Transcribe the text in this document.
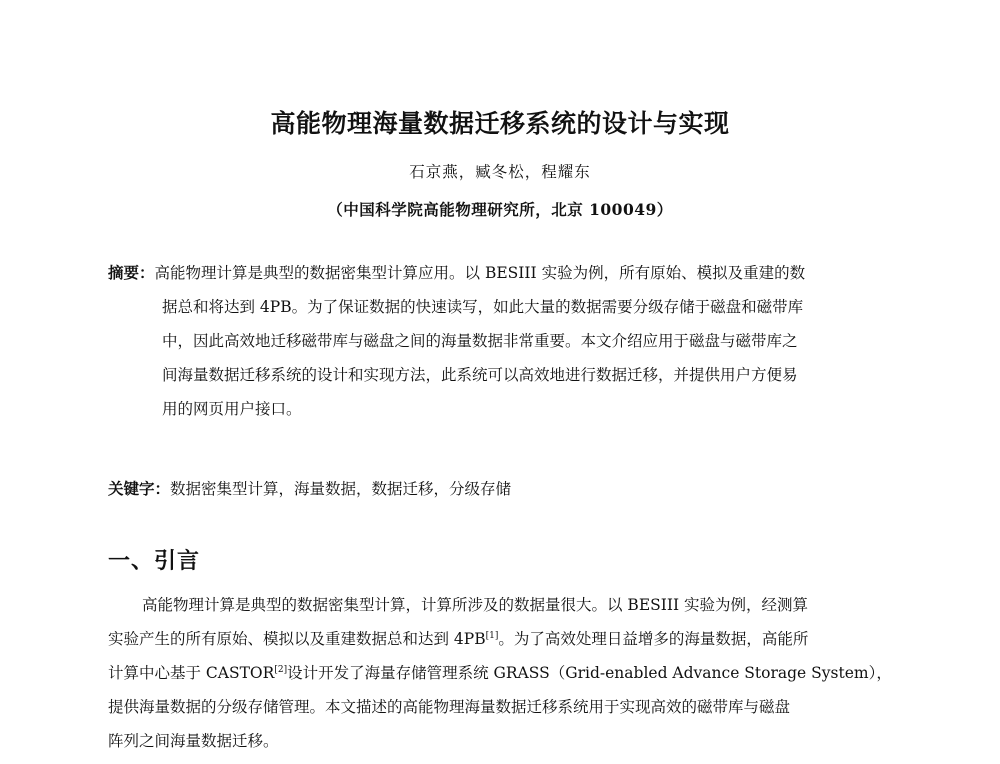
高能物理海量数据迁移系统的设计与实现
石京燕，臧冬松，程耀东
（中国科学院高能物理研究所，北京 100049）
摘要： 高能物理计算是典型的数据密集型计算应用。以 BESIII 实验为例，所有原始、模拟及重建的数
据总和将达到 4PB。为了保证数据的快速读写，如此大量的数据需要分级存储于磁盘和磁带库
中，因此高效地迁移磁带库与磁盘之间的海量数据非常重要。本文介绍应用于磁盘与磁带库之
间海量数据迁移系统的设计和实现方法，此系统可以高效地进行数据迁移，并提供用户方便易
用的网页用户接口。
关键字：数据密集型计算，海量数据，数据迁移，分级存储
一、引言
高能物理计算是典型的数据密集型计算，计算所涉及的数据量很大。以 BESIII 实验为例，经测算
实验产生的所有原始、模拟以及重建数据总和达到 4PB[1]。为了高效处理日益增多的海量数据，高能所
计算中心基于 CASTOR[2]设计开发了海量存储管理系统 GRASS（Grid-enabled Advance Storage System），
提供海量数据的分级存储管理。本文描述的高能物理海量数据迁移系统用于实现高效的磁带库与磁盘
阵列之间海量数据迁移。
